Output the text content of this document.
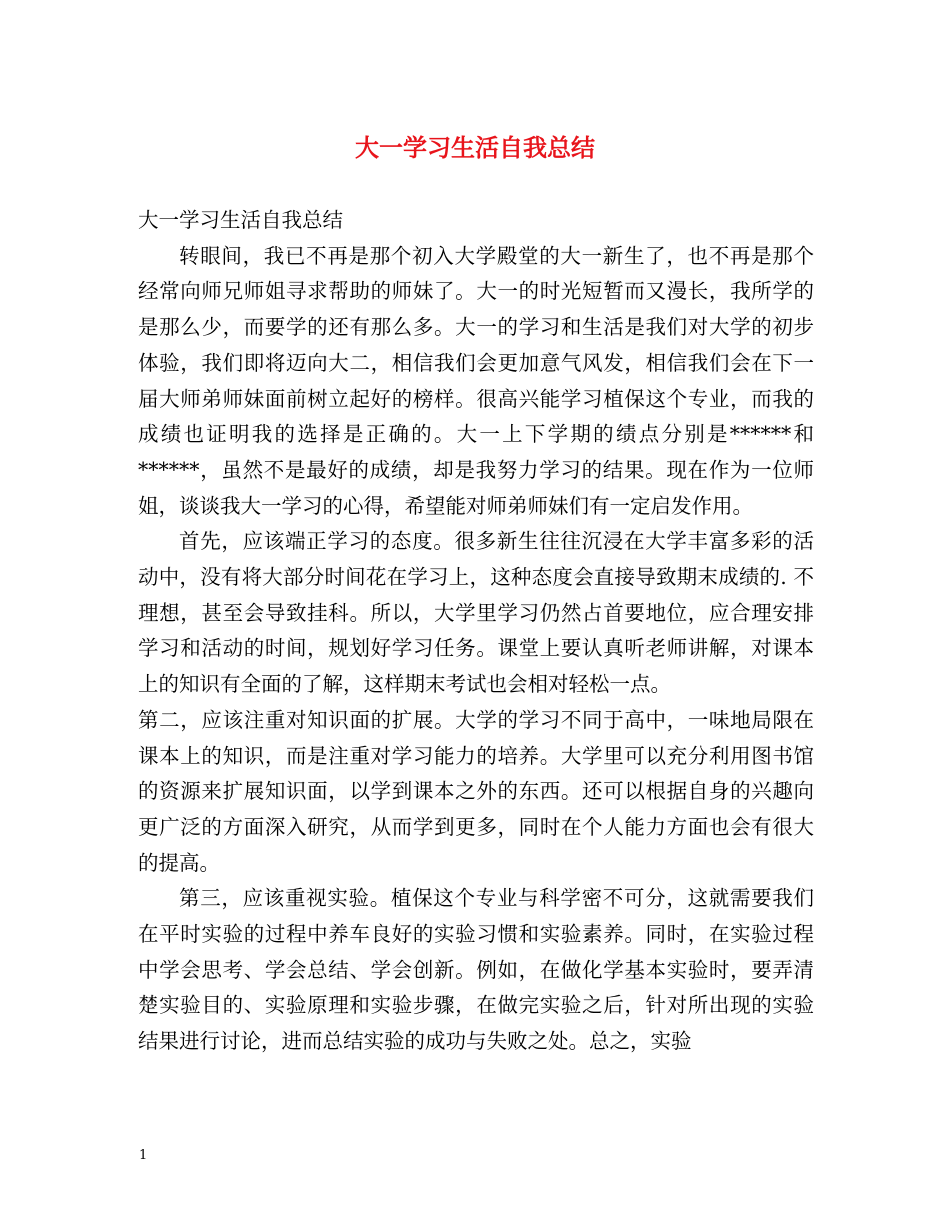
大一学习生活自我总结

大一学习生活自我总结

转眼间，我已不再是那个初入大学殿堂的大一新生了，也不再是那个经常向师兄师姐寻求帮助的师妹了。大一的时光短暂而又漫长，我所学的是那么少，而要学的还有那么多。大一的学习和生活是我们对大学的初步体验，我们即将迈向大二，相信我们会更加意气风发，相信我们会在下一届大师弟师妹面前树立起好的榜样。很高兴能学习植保这个专业，而我的成绩也证明我的选择是正确的。大一上下学期的绩点分别是******和******，虽然不是最好的成绩，却是我努力学习的结果。现在作为一位师姐，谈谈我大一学习的心得，希望能对师弟师妹们有一定启发作用。

首先，应该端正学习的态度。很多新生往往沉浸在大学丰富多彩的活动中，没有将大部分时间花在学习上，这种态度会直接导致期末成绩的. 不理想，甚至会导致挂科。所以，大学里学习仍然占首要地位，应合理安排学习和活动的时间，规划好学习任务。课堂上要认真听老师讲解，对课本上的知识有全面的了解，这样期末考试也会相对轻松一点。

第二，应该注重对知识面的扩展。大学的学习不同于高中，一味地局限在课本上的知识，而是注重对学习能力的培养。大学里可以充分利用图书馆的资源来扩展知识面，以学到课本之外的东西。还可以根据自身的兴趣向更广泛的方面深入研究，从而学到更多，同时在个人能力方面也会有很大的提高。

第三，应该重视实验。植保这个专业与科学密不可分，这就需要我们在平时实验的过程中养车良好的实验习惯和实验素养。同时，在实验过程中学会思考、学会总结、学会创新。例如，在做化学基本实验时，要弄清楚实验目的、实验原理和实验步骤，在做完实验之后，针对所出现的实验结果进行讨论，进而总结实验的成功与失败之处。总之，实验

1
